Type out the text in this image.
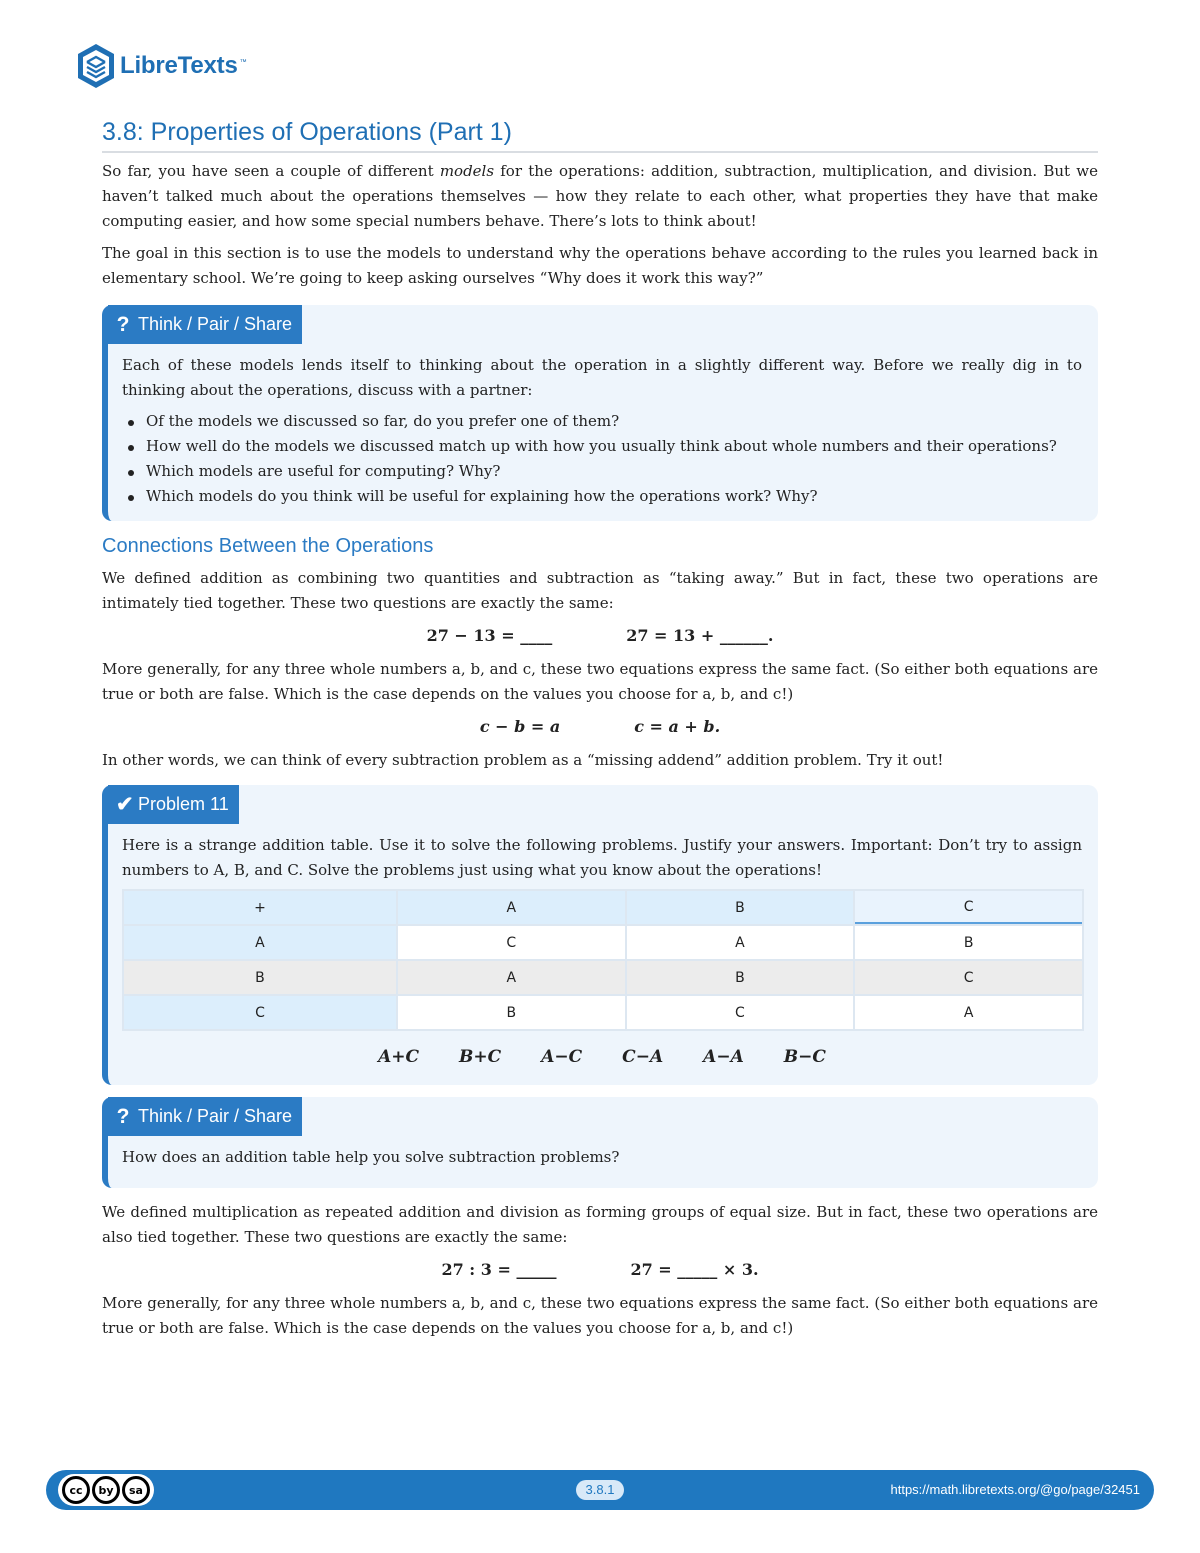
LibreTexts ™
3.8: Properties of Operations (Part 1)

So far, you have seen a couple of different models for the operations: addition, subtraction, multiplication, and division. But we haven’t talked much about the operations themselves — how they relate to each other, what properties they have that make computing easier, and how some special numbers behave. There’s lots to think about!

The goal in this section is to use the models to understand why the operations behave according to the rules you learned back in elementary school. We’re going to keep asking ourselves “Why does it work this way?”

? Think / Pair / Share

Each of these models lends itself to thinking about the operation in a slightly different way. Before we really dig in to thinking about the operations, discuss with a partner:

Of the models we discussed so far, do you prefer one of them?
How well do the models we discussed match up with how you usually think about whole numbers and their operations?
Which models are useful for computing? Why?
Which models do you think will be useful for explaining how the operations work? Why?
Connections Between the Operations

We defined addition as combining two quantities and subtraction as “taking away.” But in fact, these two operations are intimately tied together. These two questions are exactly the same:

27 − 13 = ____	27 = 13 + ______.

More generally, for any three whole numbers a, b, and c, these two equations express the same fact. (So either both equations are true or both are false. Which is the case depends on the values you choose for a, b, and c!)

c − b = a	c = a + b.

In other words, we can think of every subtraction problem as a “missing addend” addition problem. Try it out!

✔ Problem 11

Here is a strange addition table. Use it to solve the following problems. Justify your answers. Important: Don’t try to assign numbers to A, B, and C. Solve the problems just using what you know about the operations!

+	A	B	C
A	C	A	B
B	A	B	C
C	B	C	A
A+C B+C A−C C−A A−A B−C
? Think / Pair / Share

How does an addition table help you solve subtraction problems?

We defined multiplication as repeated addition and division as forming groups of equal size. But in fact, these two operations are also tied together. These two questions are exactly the same:

27 : 3 = _____	27 = _____ × 3.

More generally, for any three whole numbers a, b, and c, these two equations express the same fact. (So either both equations are true or both are false. Which is the case depends on the values you choose for a, b, and c!)

cc	by	sa	3.8.1	https://math.libretexts.org/@go/page/32451
